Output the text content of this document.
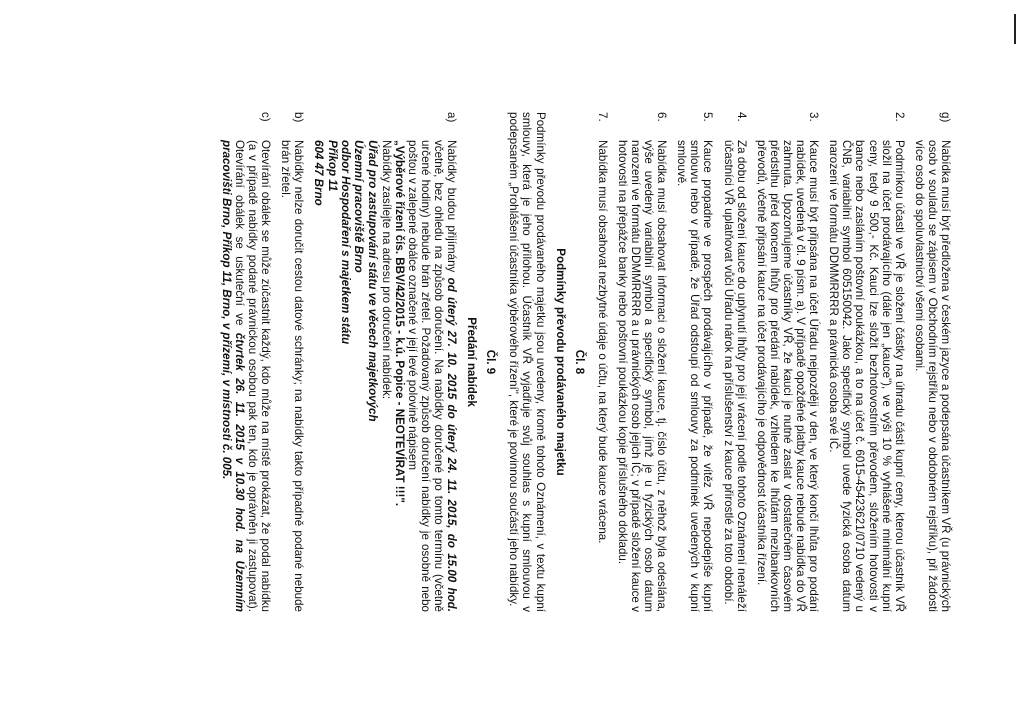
g)
Nabídka musí být předložena v českém jazyce a podepsána účastníkem VŘ (u právnických osob v souladu se zápisem v Obchodním rejstříku nebo v obdobném rejstříku), při žádosti více osob do spoluvlastnictví všemi osobami.
2.
Podmínkou účasti ve VŘ je složení částky na úhradu části kupní ceny, kterou účastník VŘ složil na účet prodávajícího (dále jen „kauce"), ve výši 10 % vyhlášené minimální kupní ceny, tedy 9 500,- Kč. Kauci lze složit bezhotovostním převodem, složením hotovosti v bance nebo zasláním poštovní poukázkou, a to na účet č. 6015-45423621/0710 vedený u ČNB, variabilní symbol 605150042. Jako specifický symbol uvede fyzická osoba datum narození ve formátu DDMMRRRR a právnická osoba své IČ.
3.
Kauce musí být připsána na účet Úřadu nejpozději v den, ve který končí lhůta pro podání nabídek, uvedená v čl. 9 písm. a). V případě opožděné platby kauce nebude nabídka do VŘ zahrnuta. Upozorňujeme účastníky VŘ, že kauci je nutné zaslat v dostatečném časovém předstihu před koncem lhůty pro předání nabídek, vzhledem ke lhůtám mezibankovních převodů, včetně připsání kauce na účet prodávajícího je odpovědnost účastníka řízení.
4.
Za dobu od složení kauce do uplynutí lhůty pro její vrácení podle tohoto Oznámení nenáleží účastníci VŘ uplatňovat vůči Úřadu nárok na příslušenství z kauce přirostlé za toto období.
5.
Kauce propadne ve prospěch prodávajícího v případě, že vítěz VŘ nepodepíše kupní smlouvu nebo v případě, že Úřad odstoupí od smlouvy za podmínek uvedených v kupní smlouvě.
6.
Nabídka musí obsahovat informaci o složení kauce, tj. číslo účtu, z něhož byla odeslána, výše uvedený variabilní symbol a specifický symbol, jímž je u fyzických osob datum narození ve formátu DDMMRRRR a u právnických osob jejich IČ; v případě složení kauce v hotovosti na přepážce banky nebo poštovní poukázkou kopie příslušného dokladu.
7.
Nabídka musí obsahovat nezbytné údaje o účtu, na který bude kauce vrácena.
Čl. 8
Podmínky převodu prodávaného majetku
Podmínky převodu prodávaného majetku jsou uvedeny, kromě tohoto Oznámení, v textu kupní smlouvy, která je jeho přílohou. Účastník VŘ vyjadřuje svůj souhlas s kupní smlouvou v podepsaném „Prohlášení účastníka výběrového řízení", které je povinnou součástí jeho nabídky.
Čl. 9
Předání nabídek
a)
Nabídky budou přijímány od úterý 27. 10. 2015 do úterý 24. 11. 2015, do 15.00 hod. včetně, bez ohledu na způsob doručení. Na nabídky doručené po tomto termínu (včetně určené hodiny) nebude brán zřetel. Požadovaný způsob doručení nabídky je osobně nebo poštou v zalepené obálce označené v její levé polovině nápisem
„Výběrové řízení čís. BBV/42/2015 - k.ú. Popice - NEOTEVÍRAT !!!".
Nabídky zasílejte na adresu pro doručení nabídek:
Úřad pro zastupování státu ve věcech majetkových
Územní pracoviště Brno
odbor Hospodaření s majetkem státu
Příkop 11
604 47 Brno
b)
Nabídky nelze doručit cestou datové schránky; na nabídky takto případně podané nebude brán zřetel.
c)
Otevírání obálek se může zúčastnit každý, kdo může na místě prokázat, že podal nabídku (a v případě nabídky podané právnickou osobou pak ten, kdo je oprávněn ji zastupovat). Otevírání obálek se uskuteční ve čtvrtek 26. 11. 2015 v 10.30 hod. na Územním pracovišti Brno, Příkop 11, Brno, v přízemí, v místnosti č. 005.
